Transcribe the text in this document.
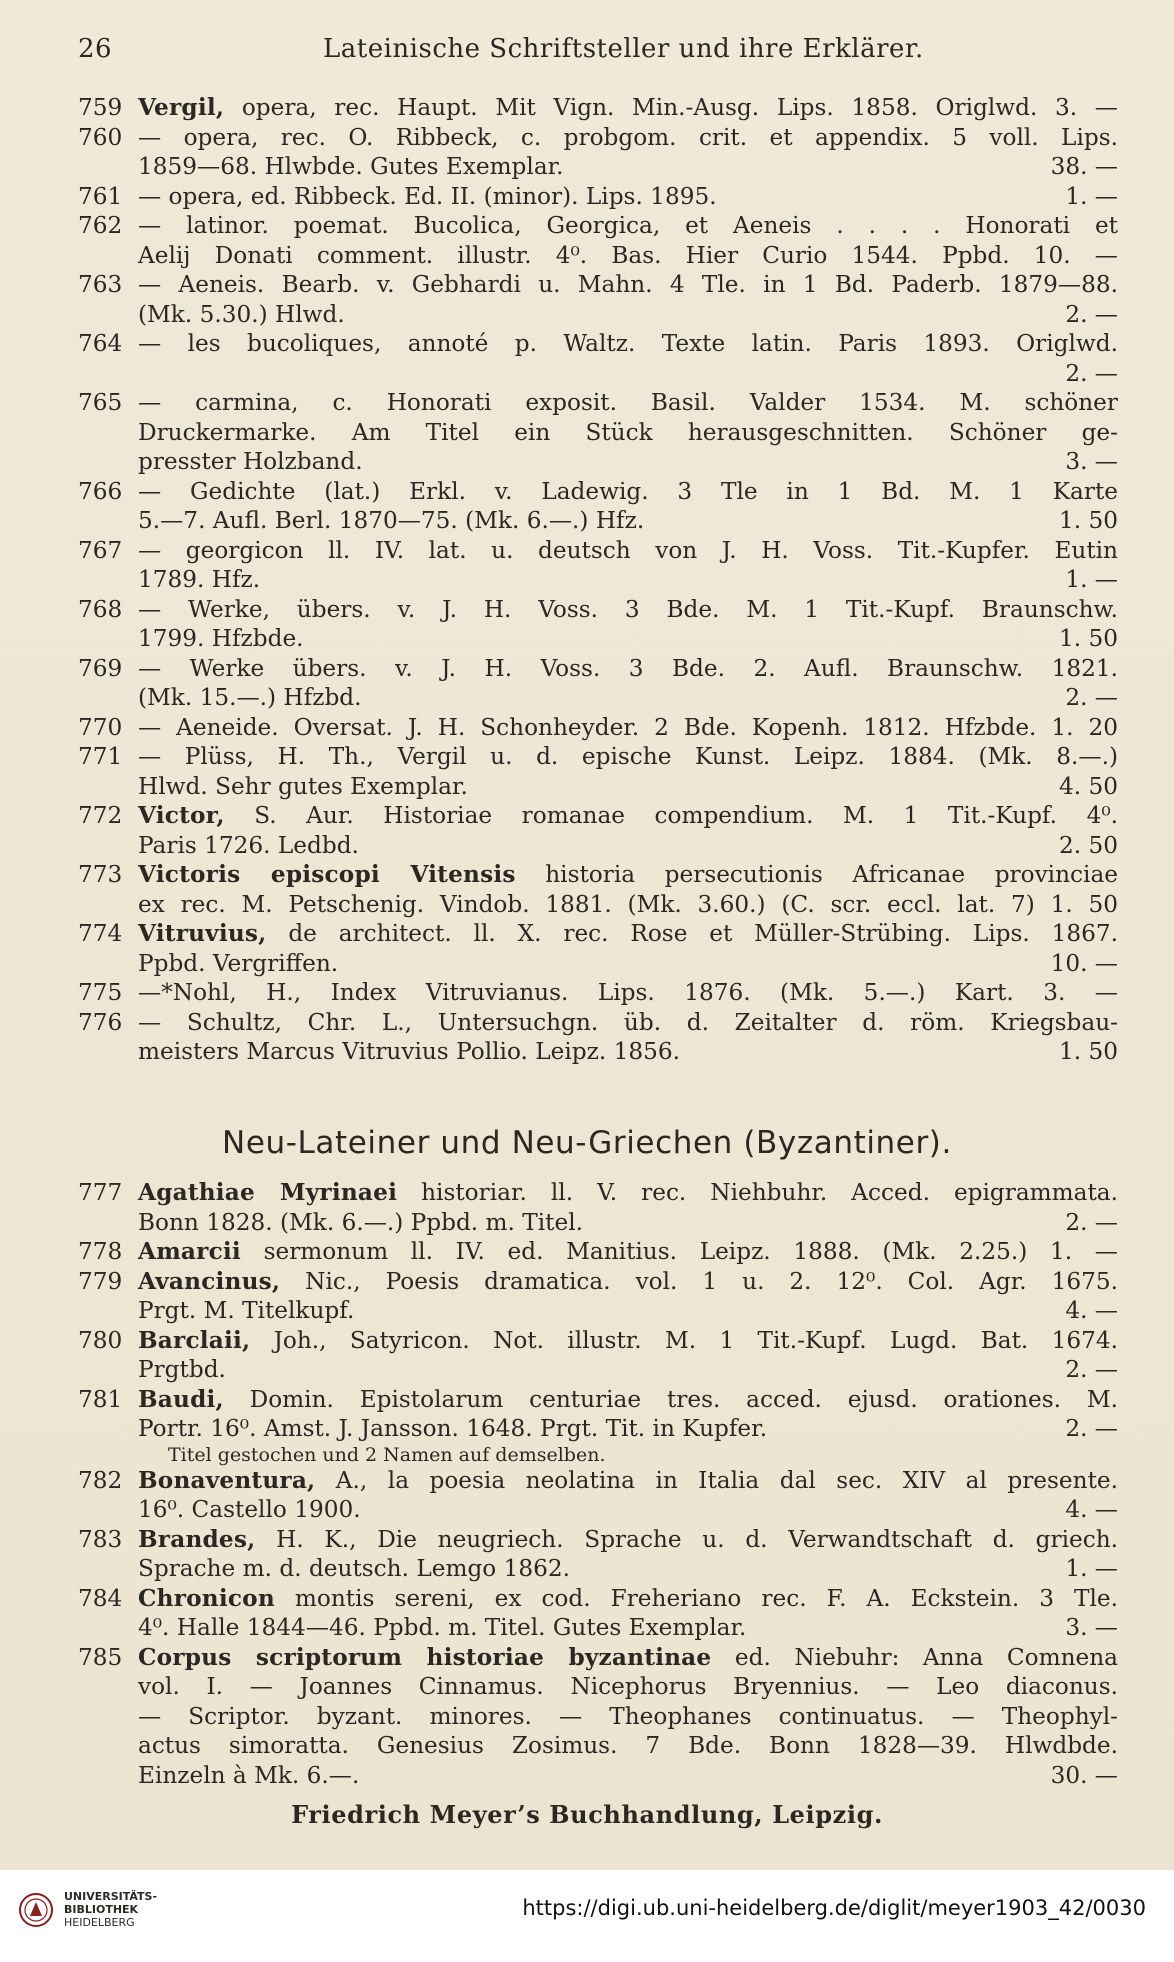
26	Lateinische Schriftsteller und ihre Erklärer.
759 Vergil, opera, rec. Haupt. Mit Vign. Min.-Ausg. Lips. 1858. Origlwd. 3. —
760 — opera, rec. O. Ribbeck, c. probgom. crit. et appendix. 5 voll. Lips.
1859—68. Hlwbde. Gutes Exemplar.	38. —
761 — opera, ed. Ribbeck. Ed. II. (minor). Lips. 1895.	1. —
762 — latinor. poemat. Bucolica, Georgica, et Aeneis . . . . Honorati et
Aelij Donati comment. illustr. 4⁰. Bas. Hier Curio 1544. Ppbd. 10. —
763 — Aeneis. Bearb. v. Gebhardi u. Mahn. 4 Tle. in 1 Bd. Paderb. 1879—88.
(Mk. 5.30.) Hlwd.	2. —
764 — les bucoliques, annoté p. Waltz. Texte latin. Paris 1893. Origlwd.
2. —
765 — carmina, c. Honorati exposit. Basil. Valder 1534. M. schöner
Druckermarke. Am Titel ein Stück herausgeschnitten. Schöner ge-
presster Holzband.	3. —
766 — Gedichte (lat.) Erkl. v. Ladewig. 3 Tle in 1 Bd. M. 1 Karte
5.—7. Aufl. Berl. 1870—75. (Mk. 6.—.) Hfz.	1. 50
767 — georgicon ll. IV. lat. u. deutsch von J. H. Voss. Tit.-Kupfer. Eutin
1789. Hfz.	1. —
768 — Werke, übers. v. J. H. Voss. 3 Bde. M. 1 Tit.-Kupf. Braunschw.
1799. Hfzbde.	1. 50
769 — Werke übers. v. J. H. Voss. 3 Bde. 2. Aufl. Braunschw. 1821.
(Mk. 15.—.) Hfzbd.	2. —
770 — Aeneide. Oversat. J. H. Schonheyder. 2 Bde. Kopenh. 1812. Hfzbde. 1. 20
771 — Plüss, H. Th., Vergil u. d. epische Kunst. Leipz. 1884. (Mk. 8.—.)
Hlwd. Sehr gutes Exemplar.	4. 50
772 Victor, S. Aur. Historiae romanae compendium. M. 1 Tit.-Kupf. 4⁰.
Paris 1726. Ledbd.	2. 50
773 Victoris episcopi Vitensis historia persecutionis Africanae provinciae
ex rec. M. Petschenig. Vindob. 1881. (Mk. 3.60.) (C. scr. eccl. lat. 7) 1. 50
774 Vitruvius, de architect. ll. X. rec. Rose et Müller-Strübing. Lips. 1867.
Ppbd. Vergriffen.	10. —
775 —*Nohl, H., Index Vitruvianus. Lips. 1876. (Mk. 5.—.) Kart. 3. —
776 — Schultz, Chr. L., Untersuchgn. üb. d. Zeitalter d. röm. Kriegsbau-
meisters Marcus Vitruvius Pollio. Leipz. 1856.	1. 50
Neu-Lateiner und Neu-Griechen (Byzantiner).
777 Agathiae Myrinaei historiar. ll. V. rec. Niehbuhr. Acced. epigrammata.
Bonn 1828. (Mk. 6.—.) Ppbd. m. Titel.	2. —
778 Amarcii sermonum ll. IV. ed. Manitius. Leipz. 1888. (Mk. 2.25.) 1. —
779 Avancinus, Nic., Poesis dramatica. vol. 1 u. 2. 12⁰. Col. Agr. 1675.
Prgt. M. Titelkupf.	4. —
780 Barclaii, Joh., Satyricon. Not. illustr. M. 1 Tit.-Kupf. Lugd. Bat. 1674.
Prgtbd.	2. —
781 Baudi, Domin. Epistolarum centuriae tres. acced. ejusd. orationes. M.
Portr. 16⁰. Amst. J. Jansson. 1648. Prgt. Tit. in Kupfer.	2. —
Titel gestochen und 2 Namen auf demselben.
782 Bonaventura, A., la poesia neolatina in Italia dal sec. XIV al presente.
16⁰. Castello 1900.	4. —
783 Brandes, H. K., Die neugriech. Sprache u. d. Verwandtschaft d. griech.
Sprache m. d. deutsch. Lemgo 1862.	1. —
784 Chronicon montis sereni, ex cod. Freheriano rec. F. A. Eckstein. 3 Tle.
4⁰. Halle 1844—46. Ppbd. m. Titel. Gutes Exemplar.	3. —
785 Corpus scriptorum historiae byzantinae ed. Niebuhr: Anna Comnena
vol. I. — Joannes Cinnamus. Nicephorus Bryennius. — Leo diaconus.
— Scriptor. byzant. minores. — Theophanes continuatus. — Theophyl-
actus simoratta. Genesius Zosimus. 7 Bde. Bonn 1828—39. Hlwdbde.
Einzeln à Mk. 6.—.	30. —
Friedrich Meyer’s Buchhandlung, Leipzig.
UNIVERSITÄTS-
BIBLIOTHEK
HEIDELBERG
https://digi.ub.uni-heidelberg.de/diglit/meyer1903_42/0030
